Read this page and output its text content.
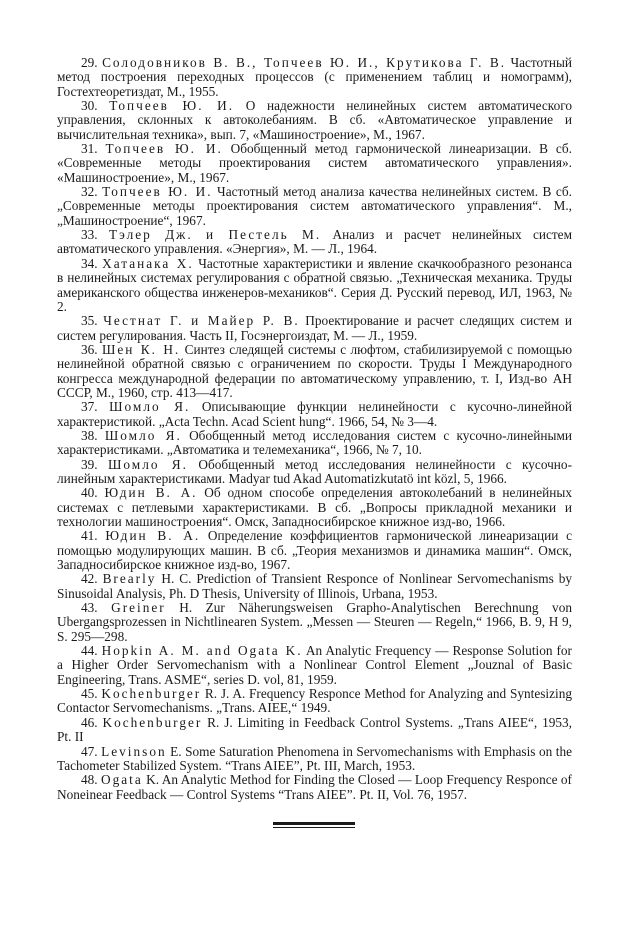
29. Солодовников В. В., Топчеев Ю. И., Крутикова Г. В. Частотный метод построения переходных процессов (с применением таблиц и номограмм), Гостехтеоретиздат, М., 1955.

30. Топчеев Ю. И. О надежности нелинейных систем автоматического управления, склонных к автоколебаниям. В сб. «Автоматическое управление и вычислительная техника», вып. 7, «Машиностроение», М., 1967.

31. Топчеев Ю. И. Обобщенный метод гармонической линеаризации. В сб. «Современные методы проектирования систем автоматического управления». «Машиностроение», М., 1967.

32. Топчеев Ю. И. Частотный метод анализа качества нелинейных систем. В сб. „Современные методы проектирования систем автоматического управления“. М., „Машиностроение“, 1967.

33. Тэлер Дж. и Пестель М. Анализ и расчет нелинейных систем автоматического управления. «Энергия», М. — Л., 1964.

34. Хатанака Х. Частотные характеристики и явление скачкообразного резонанса в нелинейных системах регулирования с обратной связью. „Техническая механика. Труды американского общества инженеров-механиков“. Серия Д. Русский перевод, ИЛ, 1963, № 2.

35. Честнат Г. и Майер Р. В. Проектирование и расчет следящих систем и систем регулирования. Часть II, Госэнергоиздат, М. — Л., 1959.

36. Шен К. Н. Синтез следящей системы с люфтом, стабилизируемой с помощью нелинейной обратной связью с ограничением по скорости. Труды I Международного конгресса международной федерации по автоматическому управлению, т. I, Изд-во АН СССР, М., 1960, стр. 413—417.

37. Шомло Я. Описывающие функции нелинейности с кусочно-линейной характеристикой. „Acta Techn. Acad Scient hung“. 1966, 54, № 3—4.

38. Шомло Я. Обобщенный метод исследования систем с кусочно-линейными характеристиками. „Автоматика и телемеханика“, 1966, № 7, 10.

39. Шомло Я. Обобщенный метод исследования нелинейности с кусочно-линейным характеристиками. Madyar tud Akad Automatizkutatö int közl, 5, 1966.

40. Юдин В. А. Об одном способе определения автоколебаний в нелинейных системах с петлевыми характеристиками. В сб. „Вопросы прикладной механики и технологии машиностроения“. Омск, Западносибирское книжное изд-во, 1966.

41. Юдин В. А. Определение коэффициентов гармонической линеаризации с помощью модулирующих машин. В сб. „Теория механизмов и динамика машин“. Омск, Западносибирское книжное изд-во, 1967.

42. Brearly H. C. Prediction of Transient Responce of Nonlinear Servomechanisms by Sinusoidal Analysis, Ph. D Thesis, University of Illinois, Urbana, 1953.

43. Greiner H. Zur Näherungsweisen Grapho-Analytischen Berechnung von Ubergangsprozessen in Nichtlinearen System. „Messen — Steuren — Regeln,“ 1966, B. 9, H 9, S. 295—298.

44. Hopkin A. M. and Ogata K. An Analytic Frequency — Response Solution for a Higher Order Servomechanism with a Nonlinear Control Element „Jouznal of Basic Engineering, Trans. ASME“, series D. vol, 81, 1959.

45. Kochenburger R. J. A. Frequency Responce Method for Analyzing and Syntesizing Contactor Servomechanisms. „Trans. AIEE,“ 1949.

46. Kochenburger R. J. Limiting in Feedback Control Systems. „Trans AIEE“, 1953, Pt. II

47. Levinson E. Some Saturation Phenomena in Servomechanisms with Emphasis on the Tachometer Stabilized System. “Trans AIEE”, Pt. III, March, 1953.

48. Ogata K. An Analytic Method for Finding the Closed — Loop Frequency Responce of Noneinear Feedback — Control Systems “Trans AIEE”. Pt. II, Vol. 76, 1957.
